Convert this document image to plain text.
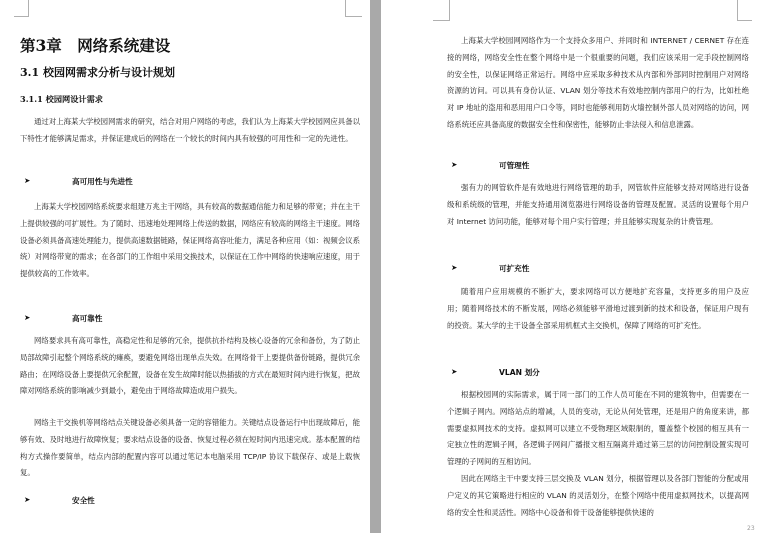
第3章　网络系统建设
3.1 校园网需求分析与设计规划
3.1.1 校园网设计需求
通过对上海某大学校园网需求的研究，结合对用户网络的考虑，我们认为上海某大学校园网应具备以下特性才能够满足需求，并保证建成后的网络在一个较长的时间内具有较强的可用性和一定的先进性。
➤	高可用性与先进性
上海某大学校园网络系统要求组建万兆主干网络，具有较高的数据通信能力和足够的带宽；并在主干上提供较强的可扩展性。为了随时、迅速地处理网络上传送的数据，网络应有较高的网络主干速度。网络设备必须具备高速处理能力，提供高速数据链路，保证网络高容吐能力，满足各种应用（如：视频会议系统）对网络带宽的需求；在各部门的工作组中采用交换技术，以保证在工作中网络的快速响应速度，用于提供较高的工作效率。
➤	高可靠性
网络要求具有高可靠性，高稳定性和足够的冗余，提供抗扑结构及核心设备的冗余和备份，为了防止局部故障引起整个网络系统的瘫痪，要避免网络出现单点失效。在网络骨干上要提供备份链路，提供冗余路由；在网络设备上要提供冗余配置，设备在发生故障时能以热插拔的方式在最短时间内进行恢复，把故障对网络系统的影响减少到最小，避免由于网络故障造成用户损失。
网络主干交换机等网络结点关键设备必须具备一定的容错能力。关键结点设备运行中出现故障后，能够有效、及时地进行故障恢复；要求结点设备的设备、恢复过程必须在短时间内迅速完成。基本配置的结构方式操作要简单，结点内部的配置内容可以通过笔记本电脑采用 TCP/IP 协议下载保存、或是上载恢复。
➤	安全性
上海某大学校园网网络作为一个支持众多用户、并同时和 INTERNET / CERNET 存在连接的网络，网络安全性在整个网络中是一个很重要的问题，我们应该采用一定手段控制网络的安全性，以保证网络正常运行。网络中应采取多种技术从内部和外部同时控制用户对网络资源的访问。可以具有身份认证、VLAN 划分等技术有效地控制内部用户的行为，比如杜绝对 IP 地址的盗用和恶用用户口令等，同时也能够利用防火墙控制外部人员对网络的访问，网络系统还应具备高度的数据安全性和保密性，能够防止非法侵入和信息泄露。
➤	可管理性
强有力的网管软件是有效地进行网络管理的助手，网管软件应能够支持对网络进行设备级和系统级的管理，并能支持通用浏览器进行网络设备的管理及配置。灵活的设置每个用户对 Internet 访问功能，能够对每个用户实行管理；并且能够实现复杂的计费管理。
➤	可扩充性
随着用户应用规模的不断扩大，要求网络可以方便地扩充容量，支持更多的用户及应用；随着网络技术的不断发展，网络必须能够平滑地过渡到新的技术和设备，保证用户现有的投资。某大学的主干设备全部采用机框式主交换机，保障了网络的可扩充性。
➤	VLAN 划分
根据校园网的实际需求，属于同一部门的工作人员可能在不同的建筑物中，但需要在一个逻辑子网内。网络站点的增减，人员的变动，无论从何处管理，还是用户的角度来讲，都需要虚拟网技术的支持。虚拟网可以建立不受物理区域限制的，覆盖整个校园的相互具有一定独立性的逻辑子网，各逻辑子网间广播报文相互隔离并通过第三层的访问控制设置实现可管理的子网间的互相访问。
因此在网络主干中要支持三层交换及 VLAN 划分，根据管理以及各部门智能的分配或用户定义的其它策略进行相应的 VLAN 的灵活划分，在整个网络中使用虚拟网技术，以提高网络的安全性和灵活性。网络中心设备和骨干设备能够提供快速的
23
